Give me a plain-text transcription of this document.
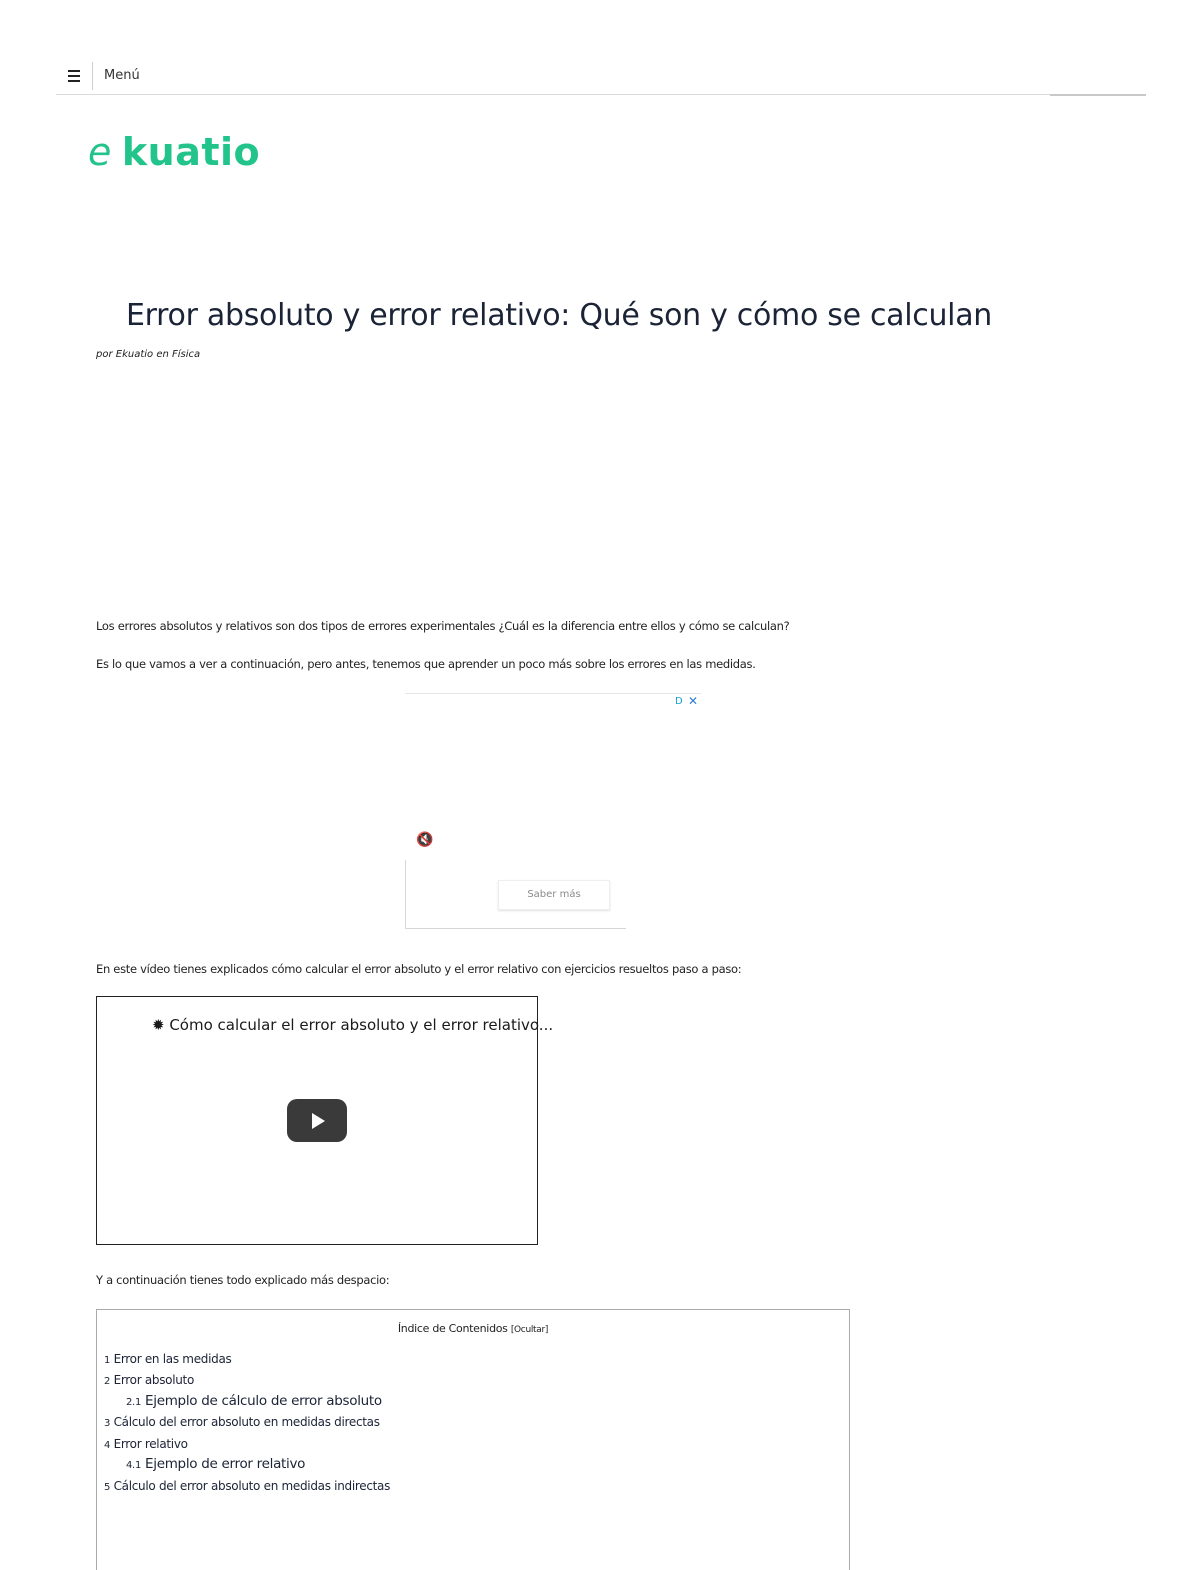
Menú
e kuatio
Error absoluto y error relativo: Qué son y cómo se calculan
por Ekuatio en Física
Los errores absolutos y relativos son dos tipos de errores experimentales ¿Cuál es la diferencia entre ellos y cómo se calculan?
Es lo que vamos a ver a continuación, pero antes, tenemos que aprender un poco más sobre los errores en las medidas.
D ✕
🔇
Saber más
En este vídeo tienes explicados cómo calcular el error absoluto y el error relativo con ejercicios resueltos paso a paso:
✹ Cómo calcular el error absoluto y el error relativo...
Y a continuación tienes todo explicado más despacio:
Índice de Contenidos [Ocultar]
1 Error en las medidas
2 Error absoluto
2.1 Ejemplo de cálculo de error absoluto
3 Cálculo del error absoluto en medidas directas
4 Error relativo
4.1 Ejemplo de error relativo
5 Cálculo del error absoluto en medidas indirectas
